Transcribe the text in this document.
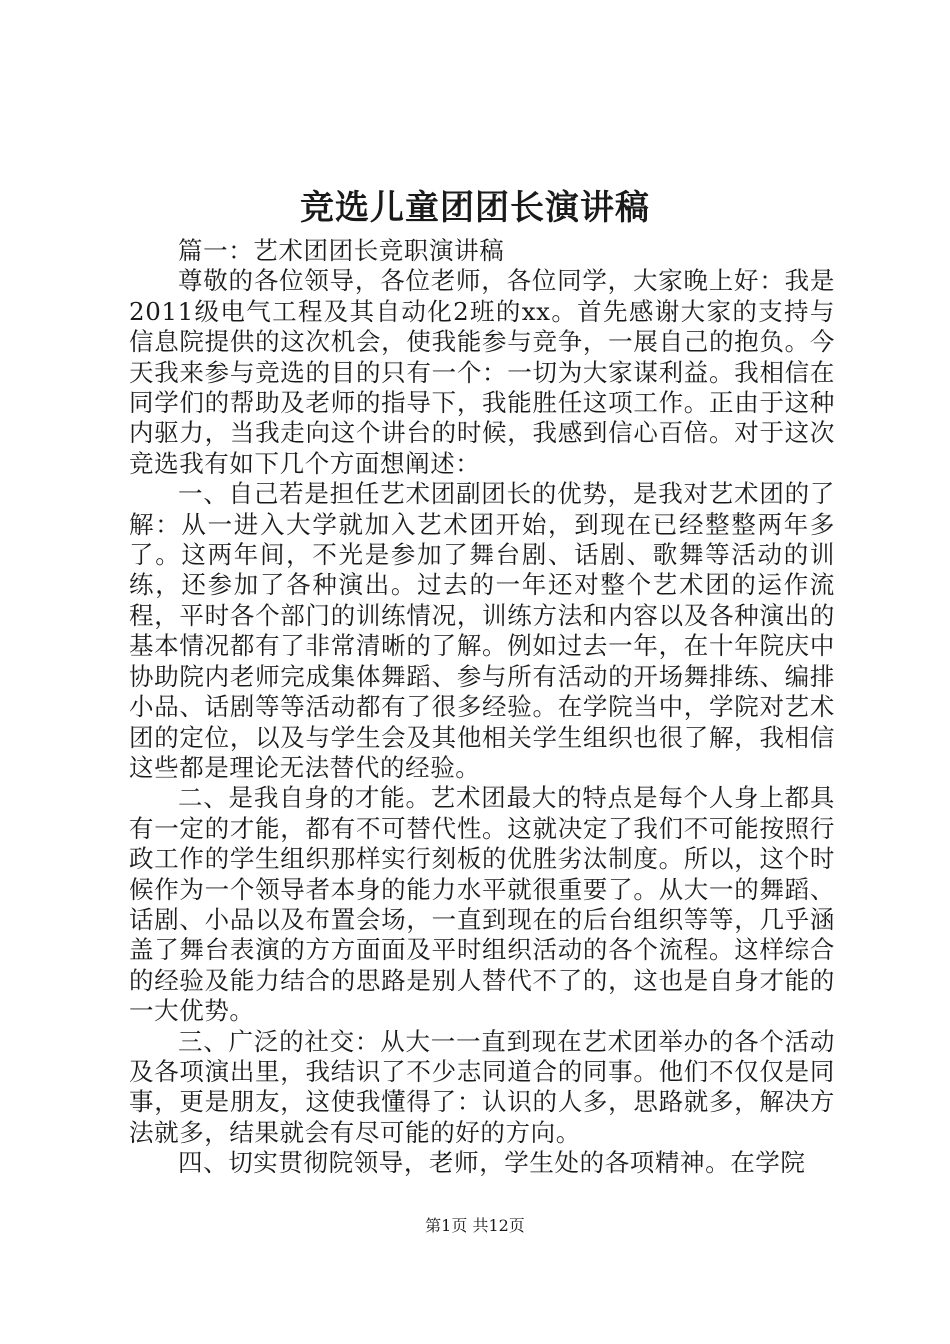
竞选儿童团团长演讲稿

篇一：艺术团团长竞职演讲稿

尊敬的各位领导，各位老师，各位同学，大家晚上好：我是2011级电气工程及其自动化2班的xx。首先感谢大家的支持与信息院提供的这次机会，使我能参与竞争，一展自己的抱负。今天我来参与竞选的目的只有一个：一切为大家谋利益。我相信在同学们的帮助及老师的指导下，我能胜任这项工作。正由于这种内驱力，当我走向这个讲台的时候，我感到信心百倍。对于这次竞选我有如下几个方面想阐述：

一、自己若是担任艺术团副团长的优势，是我对艺术团的了解：从一进入大学就加入艺术团开始，到现在已经整整两年多了。这两年间，不光是参加了舞台剧、话剧、歌舞等活动的训练，还参加了各种演出。过去的一年还对整个艺术团的运作流程，平时各个部门的训练情况，训练方法和内容以及各种演出的基本情况都有了非常清晰的了解。例如过去一年，在十年院庆中协助院内老师完成集体舞蹈、参与所有活动的开场舞排练、编排小品、话剧等等活动都有了很多经验。在学院当中，学院对艺术团的定位，以及与学生会及其他相关学生组织也很了解，我相信这些都是理论无法替代的经验。

二、是我自身的才能。艺术团最大的特点是每个人身上都具有一定的才能，都有不可替代性。这就决定了我们不可能按照行政工作的学生组织那样实行刻板的优胜劣汰制度。所以，这个时候作为一个领导者本身的能力水平就很重要了。从大一的舞蹈、话剧、小品以及布置会场，一直到现在的后台组织等等，几乎涵盖了舞台表演的方方面面及平时组织活动的各个流程。这样综合的经验及能力结合的思路是别人替代不了的，这也是自身才能的一大优势。

三、广泛的社交：从大一一直到现在艺术团举办的各个活动及各项演出里，我结识了不少志同道合的同事。他们不仅仅是同事，更是朋友，这使我懂得了：认识的人多，思路就多，解决方法就多，结果就会有尽可能的好的方向。

四、切实贯彻院领导，老师，学生处的各项精神。在学院

第1页 共12页
